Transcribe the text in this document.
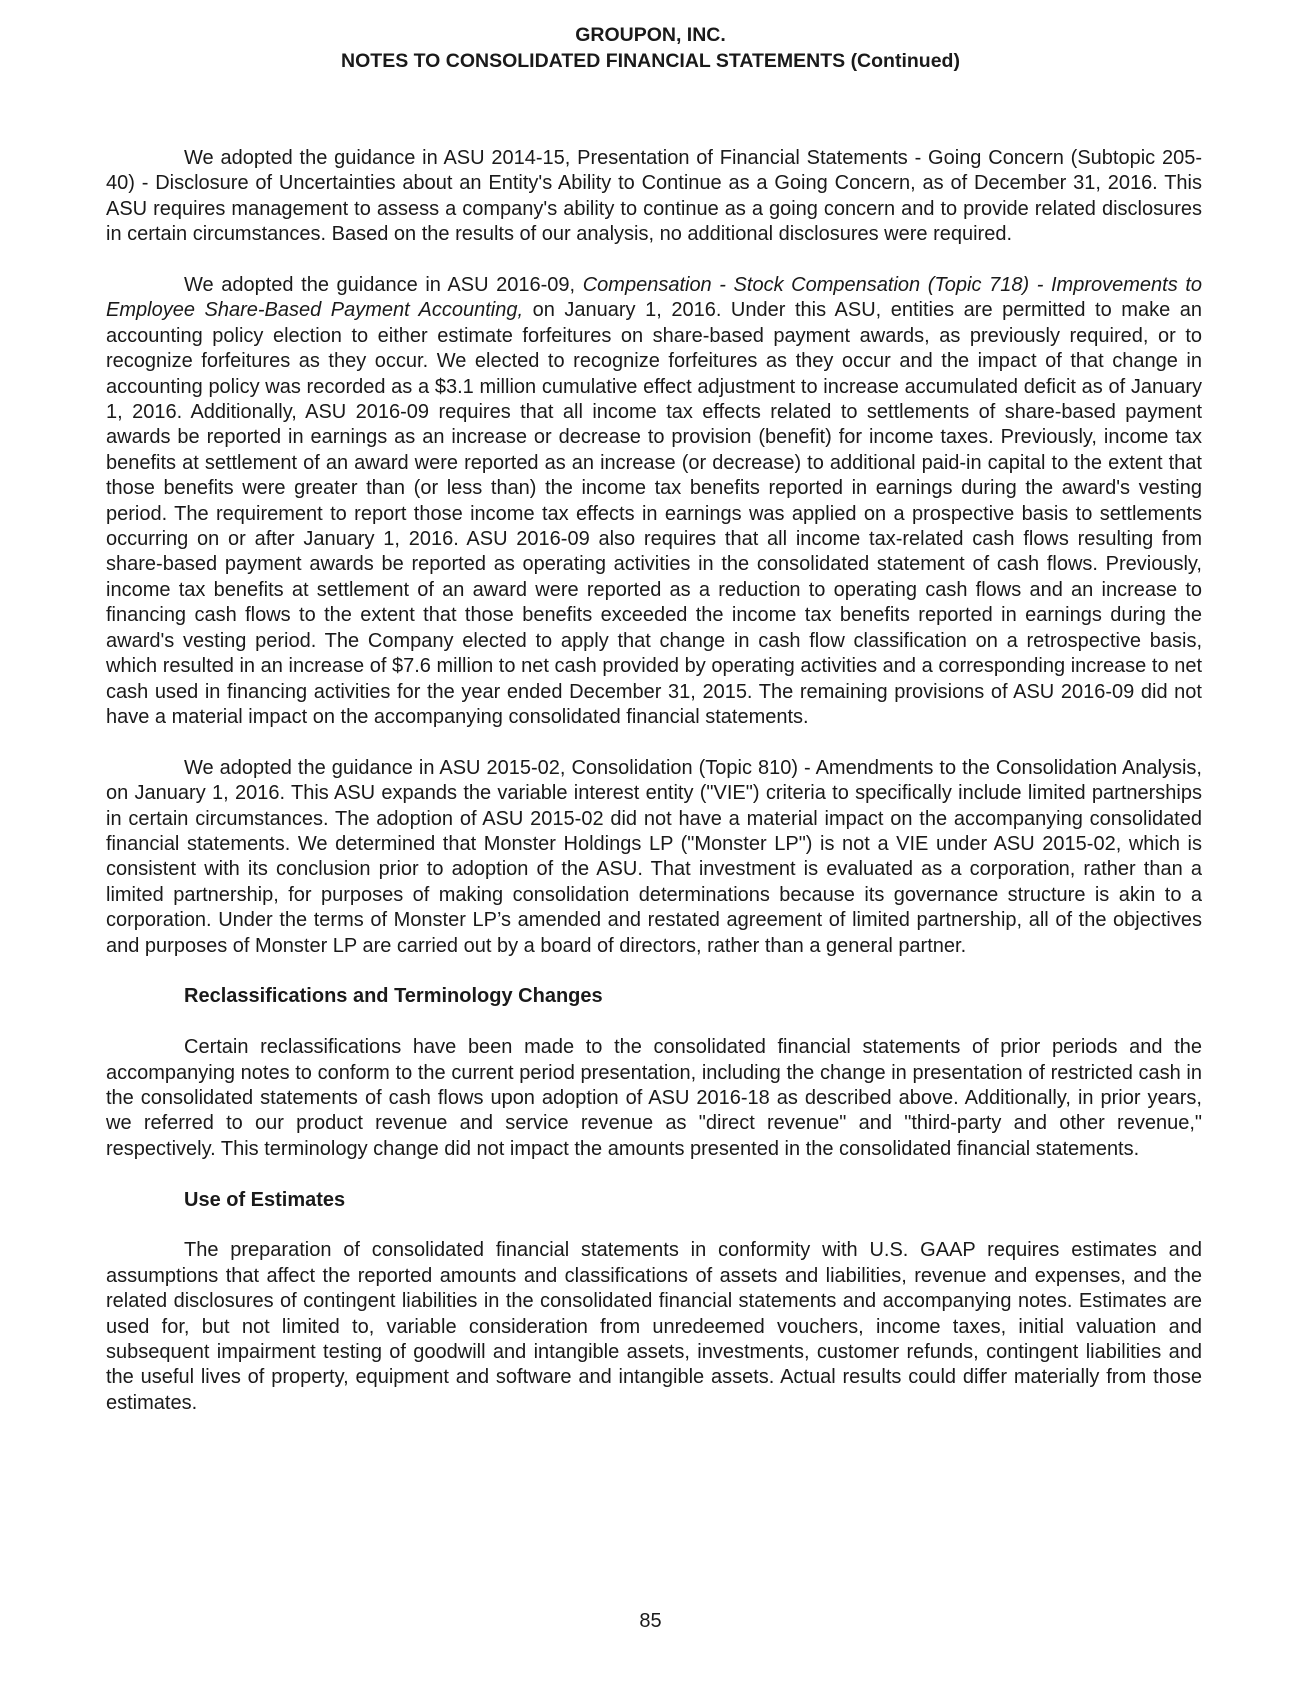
GROUPON, INC.
NOTES TO CONSOLIDATED FINANCIAL STATEMENTS (Continued)

We adopted the guidance in ASU 2014-15, Presentation of Financial Statements - Going Concern (Subtopic 205-40) - Disclosure of Uncertainties about an Entity's Ability to Continue as a Going Concern, as of December 31, 2016. This ASU requires management to assess a company's ability to continue as a going concern and to provide related disclosures in certain circumstances. Based on the results of our analysis, no additional disclosures were required.

We adopted the guidance in ASU 2016-09, Compensation - Stock Compensation (Topic 718) - Improvements to Employee Share-Based Payment Accounting, on January 1, 2016. Under this ASU, entities are permitted to make an accounting policy election to either estimate forfeitures on share-based payment awards, as previously required, or to recognize forfeitures as they occur. We elected to recognize forfeitures as they occur and the impact of that change in accounting policy was recorded as a $3.1 million cumulative effect adjustment to increase accumulated deficit as of January 1, 2016. Additionally, ASU 2016-09 requires that all income tax effects related to settlements of share-based payment awards be reported in earnings as an increase or decrease to provision (benefit) for income taxes. Previously, income tax benefits at settlement of an award were reported as an increase (or decrease) to additional paid-in capital to the extent that those benefits were greater than (or less than) the income tax benefits reported in earnings during the award's vesting period. The requirement to report those income tax effects in earnings was applied on a prospective basis to settlements occurring on or after January 1, 2016. ASU 2016-09 also requires that all income tax-related cash flows resulting from share-based payment awards be reported as operating activities in the consolidated statement of cash flows. Previously, income tax benefits at settlement of an award were reported as a reduction to operating cash flows and an increase to financing cash flows to the extent that those benefits exceeded the income tax benefits reported in earnings during the award's vesting period. The Company elected to apply that change in cash flow classification on a retrospective basis, which resulted in an increase of $7.6 million to net cash provided by operating activities and a corresponding increase to net cash used in financing activities for the year ended December 31, 2015. The remaining provisions of ASU 2016-09 did not have a material impact on the accompanying consolidated financial statements.

We adopted the guidance in ASU 2015-02, Consolidation (Topic 810) - Amendments to the Consolidation Analysis, on January 1, 2016. This ASU expands the variable interest entity ("VIE") criteria to specifically include limited partnerships in certain circumstances. The adoption of ASU 2015-02 did not have a material impact on the accompanying consolidated financial statements. We determined that Monster Holdings LP ("Monster LP") is not a VIE under ASU 2015-02, which is consistent with its conclusion prior to adoption of the ASU. That investment is evaluated as a corporation, rather than a limited partnership, for purposes of making consolidation determinations because its governance structure is akin to a corporation. Under the terms of Monster LP’s amended and restated agreement of limited partnership, all of the objectives and purposes of Monster LP are carried out by a board of directors, rather than a general partner.

Reclassifications and Terminology Changes

Certain reclassifications have been made to the consolidated financial statements of prior periods and the accompanying notes to conform to the current period presentation, including the change in presentation of restricted cash in the consolidated statements of cash flows upon adoption of ASU 2016-18 as described above. Additionally, in prior years, we referred to our product revenue and service revenue as "direct revenue" and "third-party and other revenue," respectively. This terminology change did not impact the amounts presented in the consolidated financial statements.

Use of Estimates

The preparation of consolidated financial statements in conformity with U.S. GAAP requires estimates and assumptions that affect the reported amounts and classifications of assets and liabilities, revenue and expenses, and the related disclosures of contingent liabilities in the consolidated financial statements and accompanying notes. Estimates are used for, but not limited to, variable consideration from unredeemed vouchers, income taxes, initial valuation and subsequent impairment testing of goodwill and intangible assets, investments, customer refunds, contingent liabilities and the useful lives of property, equipment and software and intangible assets. Actual results could differ materially from those estimates.

85
